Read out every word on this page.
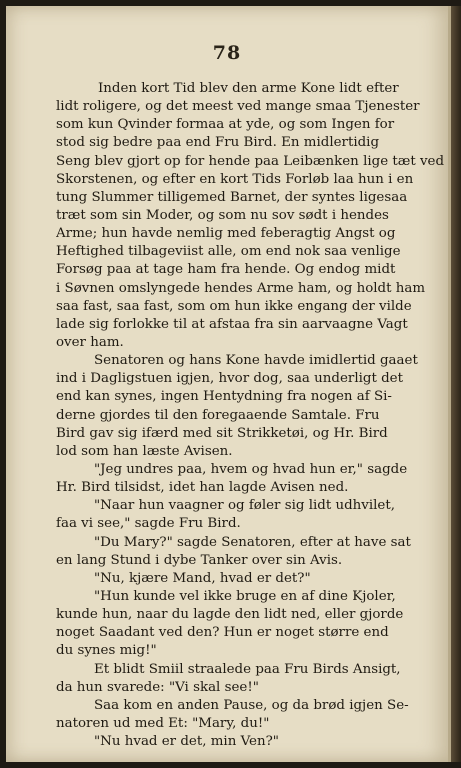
78
Inden kort Tid blev den arme Kone lidt efter
lidt roligere, og det meest ved mange smaa Tjenester
som kun Qvinder formaa at yde, og som Ingen for
stod sig bedre paa end Fru Bird. En midlertidig
Seng blev gjort op for hende paa Leibænken lige tæt ved
Skorstenen, og efter en kort Tids Forløb laa hun i en
tung Slummer tilligemed Barnet, der syntes ligesaa
træt som sin Moder, og som nu sov sødt i hendes
Arme; hun havde nemlig med feberagtig Angst og
Heftighed tilbageviist alle, om end nok saa venlige
Forsøg paa at tage ham fra hende. Og endog midt
i Søvnen omslyngede hendes Arme ham, og holdt ham
saa fast, saa fast, som om hun ikke engang der vilde
lade sig forlokke til at afstaa fra sin aarvaagne Vagt
over ham.
Senatoren og hans Kone havde imidlertid gaaet
ind i Dagligstuen igjen, hvor dog, saa underligt det
end kan synes, ingen Hentydning fra nogen af Si-
derne gjordes til den foregaaende Samtale. Fru
Bird gav sig ifærd med sit Strikketøi, og Hr. Bird
lod som han læste Avisen.
"Jeg undres paa, hvem og hvad hun er," sagde
Hr. Bird tilsidst, idet han lagde Avisen ned.
"Naar hun vaagner og føler sig lidt udhvilet,
faa vi see," sagde Fru Bird.
"Du Mary?" sagde Senatoren, efter at have sat
en lang Stund i dybe Tanker over sin Avis.
"Nu, kjære Mand, hvad er det?"
"Hun kunde vel ikke bruge en af dine Kjoler,
kunde hun, naar du lagde den lidt ned, eller gjorde
noget Saadant ved den? Hun er noget større end
du synes mig!"
Et blidt Smiil straalede paa Fru Birds Ansigt,
da hun svarede: "Vi skal see!"
Saa kom en anden Pause, og da brød igjen Se-
natoren ud med Et: "Mary, du!"
"Nu hvad er det, min Ven?"
